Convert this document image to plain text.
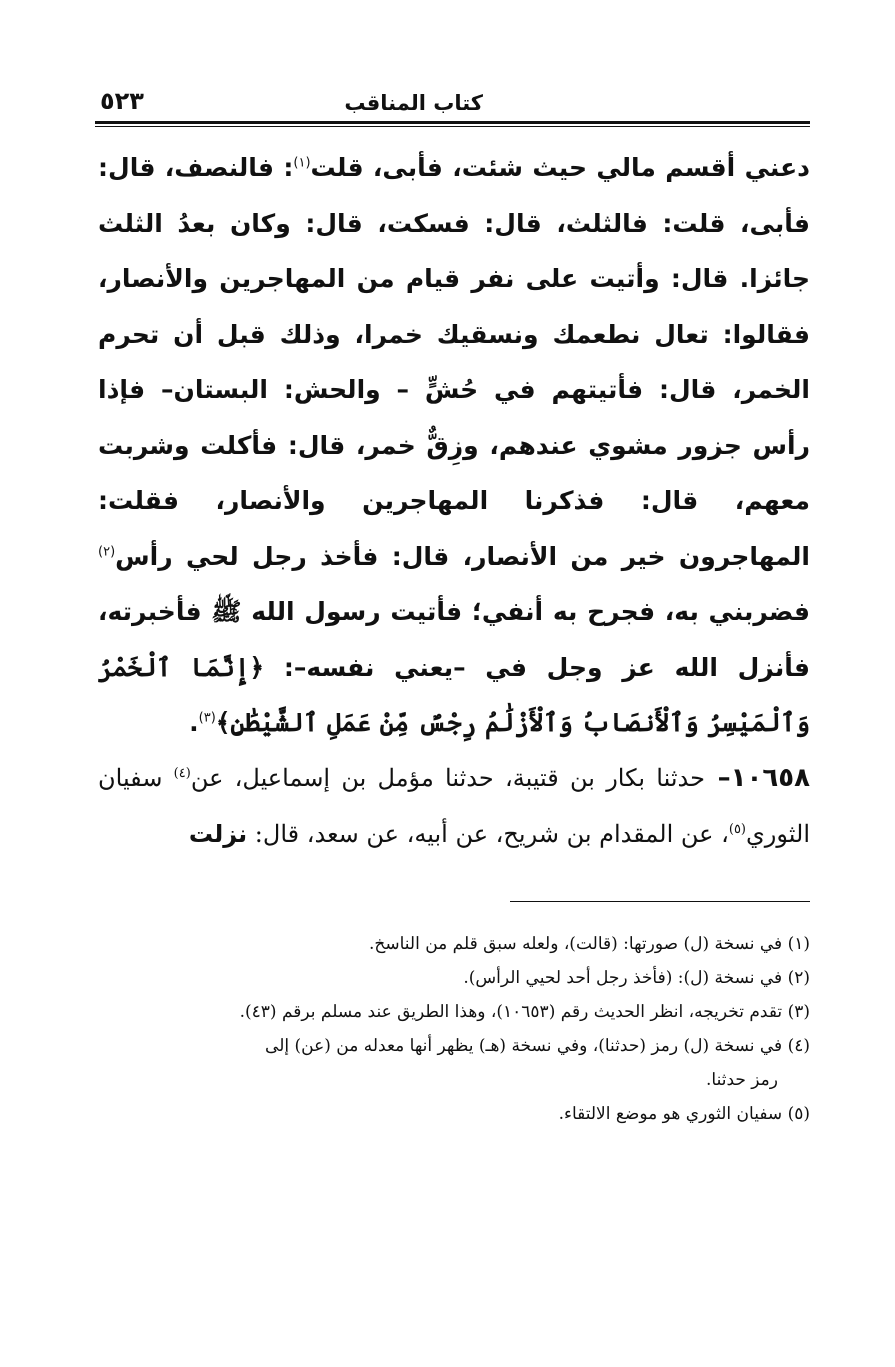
كتاب المناقب
٥٢٣

دعني أقسم مالي حيث شئت، فأبى، قلت$^{(١)}$: فالنصف، قال: فأبى، قلت: فالثلث، قال: فسكت، قال: وكان بعدُ الثلث جائزا. قال: وأتيت على نفر قيام من المهاجرين والأنصار، فقالوا: تعال نطعمك ونسقيك خمرا، وذلك قبل أن تحرم الخمر، قال: فأتيتهم في حُشٍّ – والحش: البستان– فإذا رأس جزور مشوي عندهم، وزِقٌّ خمر، قال: فأكلت وشربت معهم، قال: فذكرنا المهاجرين والأنصار، فقلت: المهاجرون خير من الأنصار، قال: فأخذ رجل لحي رأس$^{(٢)}$ فضربني به، فجرح به أنفي؛ فأتيت رسول الله ﷺ فأخبرته، فأنزل الله عز وجل في –يعني نفسه–: ﴿إِنَّمَا ٱلْخَمْرُ وَٱلْمَيْسِرُ وَٱلْأَنصَابُ وَٱلْأَزْلَٰمُ رِجْسٌ مِّنْ عَمَلِ ٱلشَّيْطَٰنِ﴾$^{(٣)}$.

١٠٦٥٨– حدثنا بكار بن قتيبة، حدثنا مؤمل بن إسماعيل، عن$^{(٤)}$ سفيان الثوري$^{(٥)}$، عن المقدام بن شريح، عن أبيه، عن سعد، قال: نزلت

(١) في نسخة (ل) صورتها: (قالت)، ولعله سبق قلم من الناسخ.
(٢) في نسخة (ل): (فأخذ رجل أحد لحيي الرأس).
(٣) تقدم تخريجه، انظر الحديث رقم (١٠٦٥٣)، وهذا الطريق عند مسلم برقم (٤٣).
(٤) في نسخة (ل) رمز (حدثنا)، وفي نسخة (هـ) يظهر أنها معدله من (عن) إلى
رمز حدثنا.
(٥) سفيان الثوري هو موضع الالتقاء.
